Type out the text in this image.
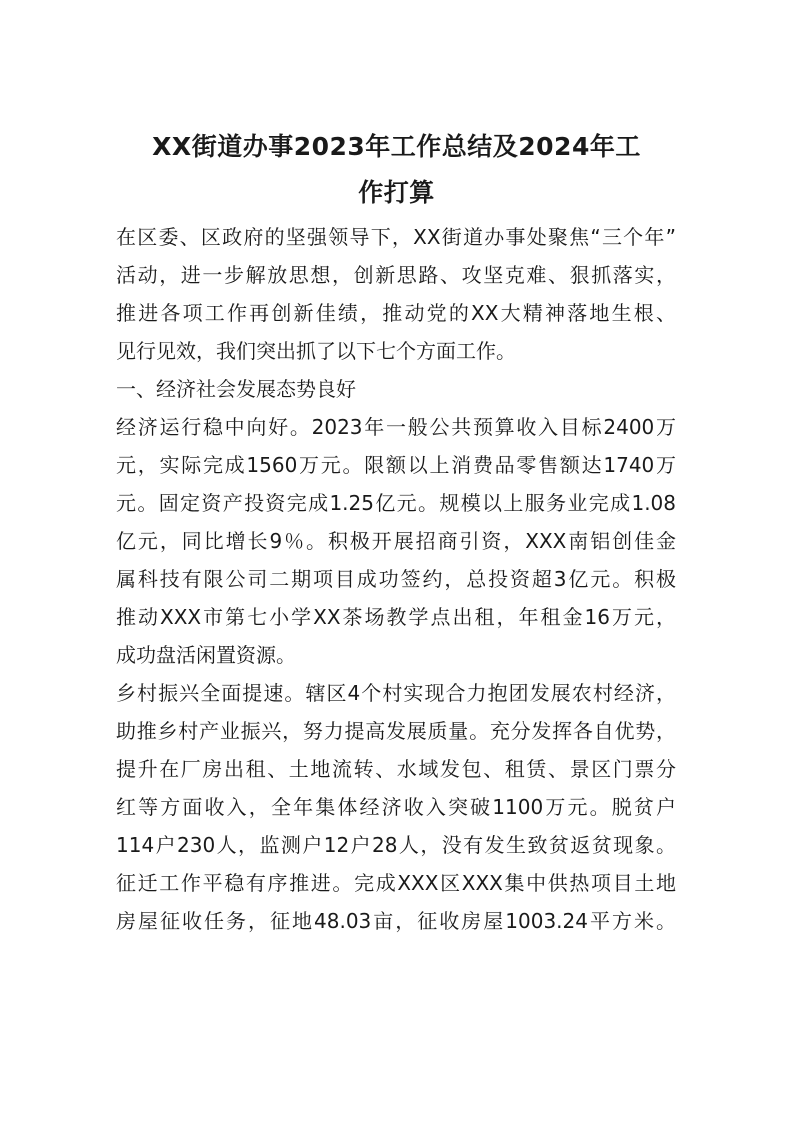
XX街道办事2023年工作总结及2024年工
作打算
在区委、区政府的坚强领导下，XX街道办事处聚焦“三个年”
活动，进一步解放思想，创新思路、攻坚克难、狠抓落实，
推进各项工作再创新佳绩，推动党的XX大精神落地生根、
见行见效，我们突出抓了以下七个方面工作。
一、经济社会发展态势良好
经济运行稳中向好。2023年一般公共预算收入目标2400万
元，实际完成1560万元。限额以上消费品零售额达1740万
元。固定资产投资完成1.25亿元。规模以上服务业完成1.08
亿元，同比增长9％。积极开展招商引资，XXX南铝创佳金
属科技有限公司二期项目成功签约，总投资超3亿元。积极
推动XXX市第七小学XX茶场教学点出租，年租金16万元，
成功盘活闲置资源。
乡村振兴全面提速。辖区4个村实现合力抱团发展农村经济，
助推乡村产业振兴，努力提高发展质量。充分发挥各自优势，
提升在厂房出租、土地流转、水域发包、租赁、景区门票分
红等方面收入，全年集体经济收入突破1100万元。脱贫户
114户230人，监测户12户28人，没有发生致贫返贫现象。
征迁工作平稳有序推进。完成XXX区XXX集中供热项目土地
房屋征收任务，征地48.03亩，征收房屋1003.24平方米。
